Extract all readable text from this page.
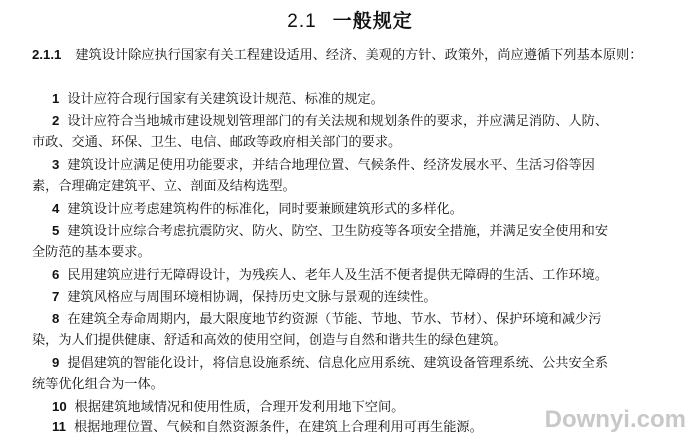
2.1 一般规定
2.1.1 建筑设计除应执行国家有关工程建设适用、经济、美观的方针、政策外，尚应遵循下列基本原则：
1 设计应符合现行国家有关建筑设计规范、标准的规定。
2 设计应符合当地城市建设规划管理部门的有关法规和规划条件的要求，并应满足消防、人防、
市政、交通、环保、卫生、电信、邮政等政府相关部门的要求。
3 建筑设计应满足使用功能要求，并结合地理位置、气候条件、经济发展水平、生活习俗等因
素，合理确定建筑平、立、剖面及结构选型。
4 建筑设计应考虑建筑构件的标准化，同时要兼顾建筑形式的多样化。
5 建筑设计应综合考虑抗震防灾、防火、防空、卫生防疫等各项安全措施，并满足安全使用和安
全防范的基本要求。
6 民用建筑应进行无障碍设计，为残疾人、老年人及生活不便者提供无障碍的生活、工作环境。
7 建筑风格应与周围环境相协调，保持历史文脉与景观的连续性。
8 在建筑全寿命周期内，最大限度地节约资源（节能、节地、节水、节材）、保护环境和减少污
染，为人们提供健康、舒适和高效的使用空间，创造与自然和谐共生的绿色建筑。
9 提倡建筑的智能化设计，将信息设施系统、信息化应用系统、建筑设备管理系统、公共安全系
统等优化组合为一体。
10 根据建筑地域情况和使用性质，合理开发利用地下空间。
11 根据地理位置、气候和自然资源条件，在建筑上合理利用可再生能源。	Downyi.com
